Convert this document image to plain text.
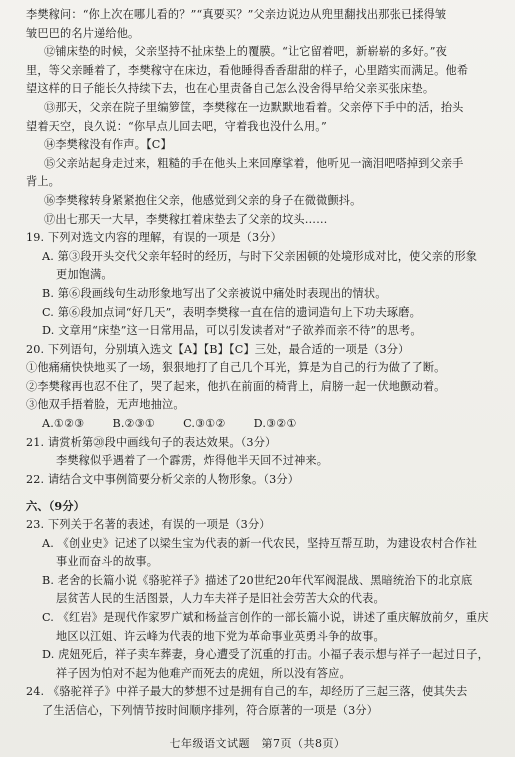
李樊稼问：“你上次在哪儿看的？”“真要买？”父亲边说边从兜里翻找出那张已揉得皱
皱巴巴的名片递给他。
⑫铺床垫的时候，父亲坚持不扯床垫上的覆膜。“让它留着吧，新崭崭的多好。”夜
里，等父亲睡着了，李樊稼守在床边，看他睡得香香甜甜的样子，心里踏实而满足。他希
望这样的日子能长久持续下去，也在心里责备自己怎么没舍得早给父亲买张床垫。
⑬那天，父亲在院子里编箩筐，李樊稼在一边默默地看着。父亲停下手中的活，抬头
望着天空，良久说：“你早点儿回去吧，守着我也没什么用。”
⑭李樊稼没有作声。【C】
⑮父亲站起身走过来，粗糙的手在他头上来回摩挲着，他听见一滴泪吧嗒掉到父亲手
背上。
⑯李樊稼转身紧紧抱住父亲，他感觉到父亲的身子在微微颤抖。
⑰出七那天一大早，李樊稼扛着床垫去了父亲的坟头……
19. 下列对选文内容的理解，有误的一项是（3分）
A. 第③段开头交代父亲年轻时的经历，与时下父亲困顿的处境形成对比，使父亲的形象
更加饱满。
B. 第⑥段画线句生动形象地写出了父亲被说中痛处时表现出的情状。
C. 第⑥段加点词“好几天”，表明李樊稼一直在信的遗词造句上下功夫琢磨。
D. 文章用“床垫”这一日常用品，可以引发读者对“子欲养而亲不待”的思考。
20. 下列语句，分别填入选文【A】【B】【C】三处，最合适的一项是（3分）
①他痛痛快快地买了一场，狠狠地打了自己几个耳光，算是为自己的行为做了了断。
②李樊稼再也忍不住了，哭了起来，他扒在前面的椅背上，肩膀一起一伏地颤动着。
③他双手捂着脸，无声地抽泣。
A.①②③	B.②③①	C.③①②	D.③②①
21. 请赏析第⑳段中画线句子的表达效果。（3分）
李樊稼似乎遇着了一个霹雳，炸得他半天回不过神来。
22. 请结合文中事例简要分析父亲的人物形象。（3分）
六、（9分）
23. 下列关于名著的表述，有误的一项是（3分）
A. 《创业史》记述了以梁生宝为代表的新一代农民，坚持互帮互助，为建设农村合作社
事业而奋斗的故事。
B. 老舍的长篇小说《骆驼祥子》描述了20世纪20年代军阀混战、黑暗统治下的北京底
层贫苦人民的生活图景，人力车夫祥子是旧社会劳苦大众的代表。
C. 《红岩》是现代作家罗广斌和杨益言创作的一部长篇小说，讲述了重庆解放前夕，重庆
地区以江姐、许云峰为代表的地下党为革命事业英勇斗争的故事。
D. 虎妞死后，祥子卖车葬妻，身心遭受了沉重的打击。小福子表示想与祥子一起过日子，
祥子因为怕对不起为他难产而死去的虎妞，所以没有答应。
24. 《骆驼祥子》中祥子最大的梦想不过是拥有自己的车，却经历了三起三落，使其失去
了生活信心，下列情节按时间顺序排列，符合原著的一项是（3分）
七年级语文试题　第7页（共8页）
